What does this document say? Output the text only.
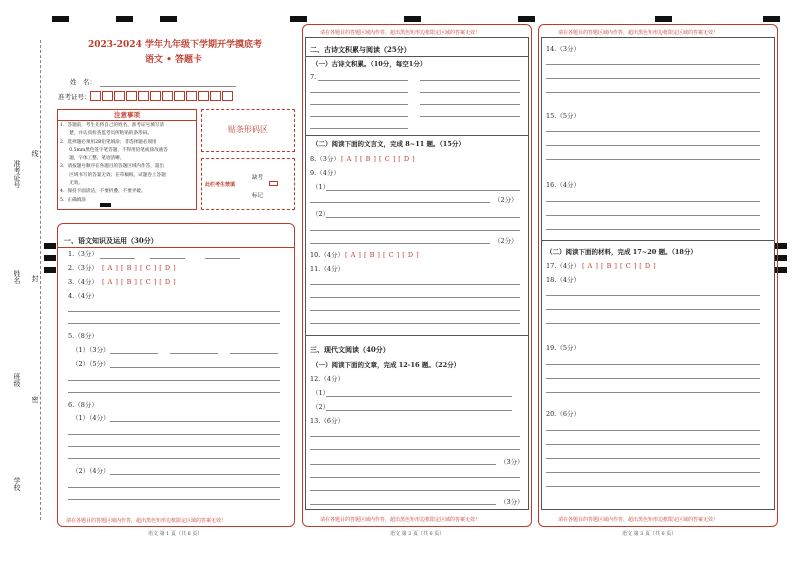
准考证号
线
姓名 封
班级
密
学校
2023-2024 学年九年级下学期开学摸底考
语文 • 答题卡
姓　名：
准考证号：
注意事项
1．答题前，考生先将自己的姓名，准考证号填写清
　　楚，并认真检查监考员所粘贴的条形码。
2．选择题必须用2B铅笔填涂；非选择题必须用
　　0.5mm黑色签字笔答题，不得用铅笔或涂改液答
　　题，字体工整、笔迹清晰。
3．请按题号顺序在各题目的答题区域内作答，超出
　　区域书写的答案无效；在草稿纸、试题卷上答题
　　无效。
4．保持卡面清洁，不要折叠、不要弄破。
5．正确填涂
贴条形码区
此栏考生禁填
缺考
标记
一、语文知识及运用（30分）
1.（3分）
2.（3分） [ A ] [ B ] [ C ] [ D ]
3.（4分） [ A ] [ B ] [ C ] [ D ]
4.（4分）
5.（8分）
（1）（3分）
（2）（5分）
6.（8分）
（1）（4分）
（2）（4分）
请在各题目的答题区域内作答，超出黑色矩形边框限定区域的答案无效！
语文 第 1 页（共 6 页）
请在各题目的答题区域内作答，超出黑色矩形边框限定区域的答案无效！
二、古诗文积累与阅读（25分）
（一）古诗文积累。（10分，每空1分）
7.
（二）阅读下面的文言文，完成 8~11 题。（15分）
8.（3分） [ A ] [ B ] [ C ] [ D ]
9.（4分）
（1）
（2分）
（2）
（2分）
10.（4分） [ A ] [ B ] [ C ] [ D ]
11.（4分）
三、现代文阅读（40分）
（一）阅读下面的文章，完成 12-16 题。（22分）
12.（4分）
（1）
（2）
13.（6分）
（3分）
（3分）
请在各题目的答题区域内作答，超出黑色矩形边框限定区域的答案无效！
语文 第 2 页（共 6 页）
请在各题目的答题区域内作答，超出黑色矩形边框限定区域的答案无效！
14.（3分）
15.（5分）
16.（4分）
（二）阅读下面的材料，完成 17~20 题。（18分）
17.（4分） [ A ] [ B ] [ C ] [ D ]
18.（4分）
19.（5分）
20.（6分）
请在各题目的答题区域内作答，超出黑色矩形边框限定区域的答案无效！
语文 第 3 页（共 6 页）
